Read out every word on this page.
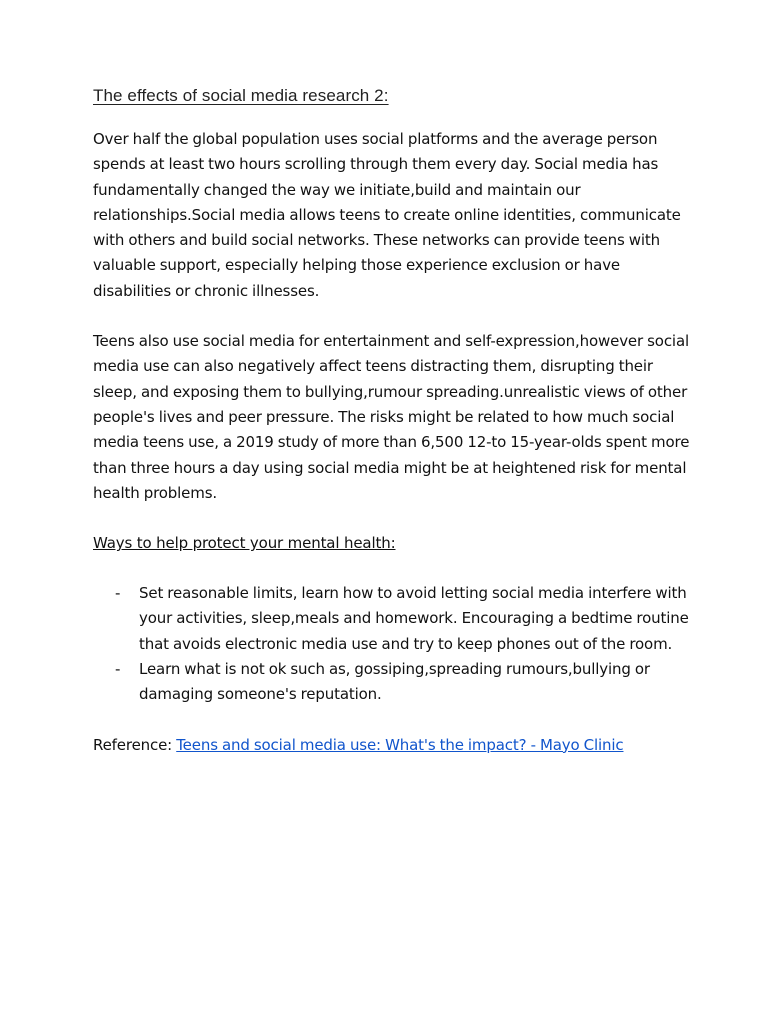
The effects of social media research 2:

Over half the global population uses social platforms and the average person spends at least two hours scrolling through them every day. Social media has fundamentally changed the way we initiate,build and maintain our relationships.Social media allows teens to create online identities, communicate with others and build social networks. These networks can provide teens with valuable support, especially helping those experience exclusion or have disabilities or chronic illnesses.

Teens also use social media for entertainment and self-expression,however social media use can also negatively affect teens distracting them, disrupting their sleep, and exposing them to bullying,rumour spreading.unrealistic views of other people's lives and peer pressure. The risks might be related to how much social media teens use, a 2019 study of more than 6,500 12-to 15-year-olds spent more than three hours a day using social media might be at heightened risk for mental health problems.

Ways to help protect your mental health:

- Set reasonable limits, learn how to avoid letting social media interfere with your activities, sleep,meals and homework. Encouraging a bedtime routine that avoids electronic media use and try to keep phones out of the room.
- Learn what is not ok such as, gossiping,spreading rumours,bullying or damaging someone's reputation.

Reference: Teens and social media use: What's the impact? - Mayo Clinic
